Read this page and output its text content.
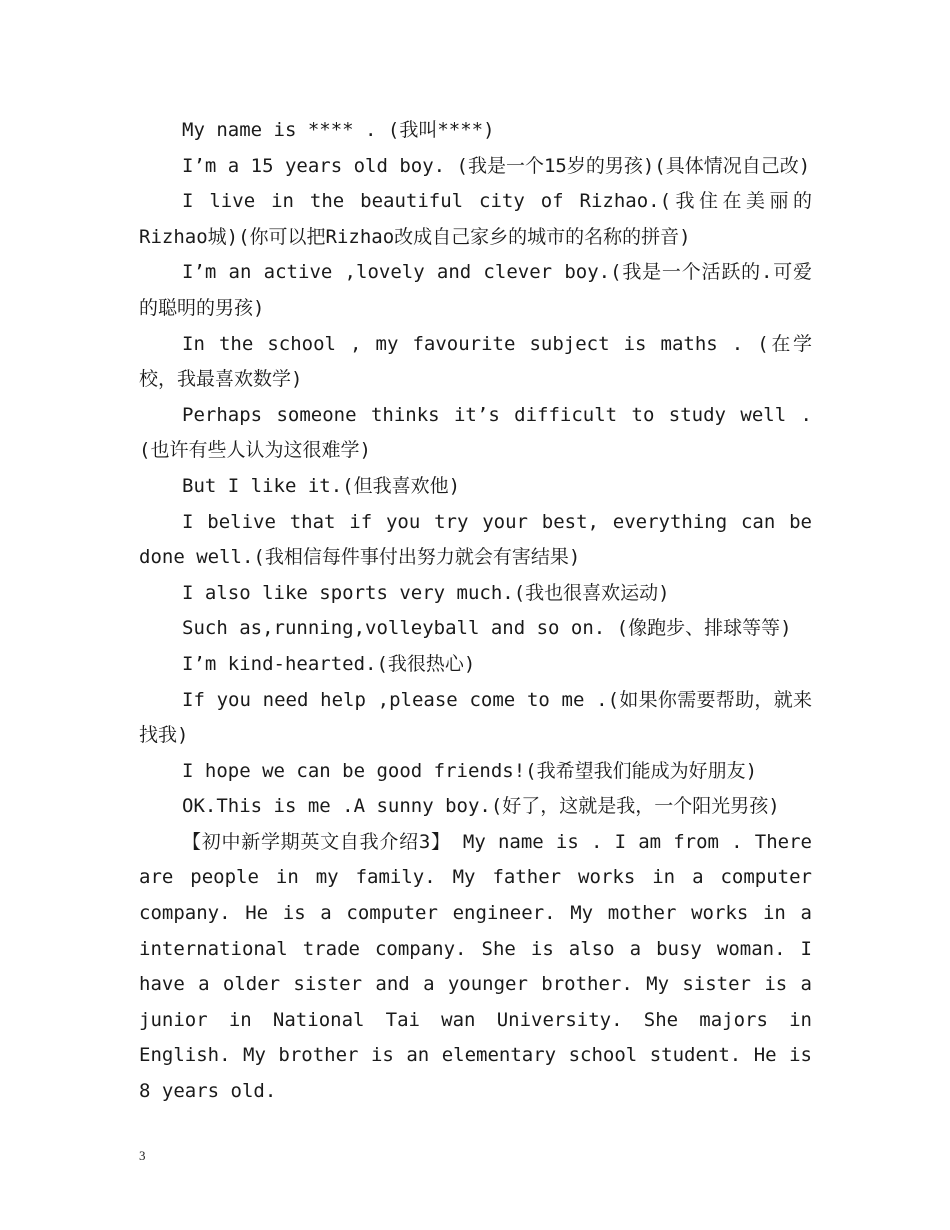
My name is **** . (我叫****)

I’m a 15 years old boy. (我是一个15岁的男孩)(具体情况自己改)

I live in the beautiful city of Rizhao.(我住在美丽的Rizhao城)(你可以把Rizhao改成自己家乡的城市的名称的拼音)

I’m an active ,lovely and clever boy.(我是一个活跃的.可爱的聪明的男孩)

In the school , my favourite subject is maths . (在学校，我最喜欢数学)

Perhaps someone thinks it’s difficult to study well .(也许有些人认为这很难学)

But I like it.(但我喜欢他)

I belive that if you try your best, everything can be done well.(我相信每件事付出努力就会有害结果)

I also like sports very much.(我也很喜欢运动)

Such as,running,volleyball and so on. (像跑步、排球等等)

I’m kind-hearted.(我很热心)

If you need help ,please come to me .(如果你需要帮助，就来找我)

I hope we can be good friends!(我希望我们能成为好朋友)

OK.This is me .A sunny boy.(好了，这就是我，一个阳光男孩)

【初中新学期英文自我介绍3】 My name is . I am from . There are people in my family. My father works in a computer company. He is a computer engineer. My mother works in a international trade company. She is also a busy woman. I have a older sister and a younger brother. My sister is a junior in National Tai wan University. She majors in English. My brother is an elementary school student. He is 8 years old.

3
